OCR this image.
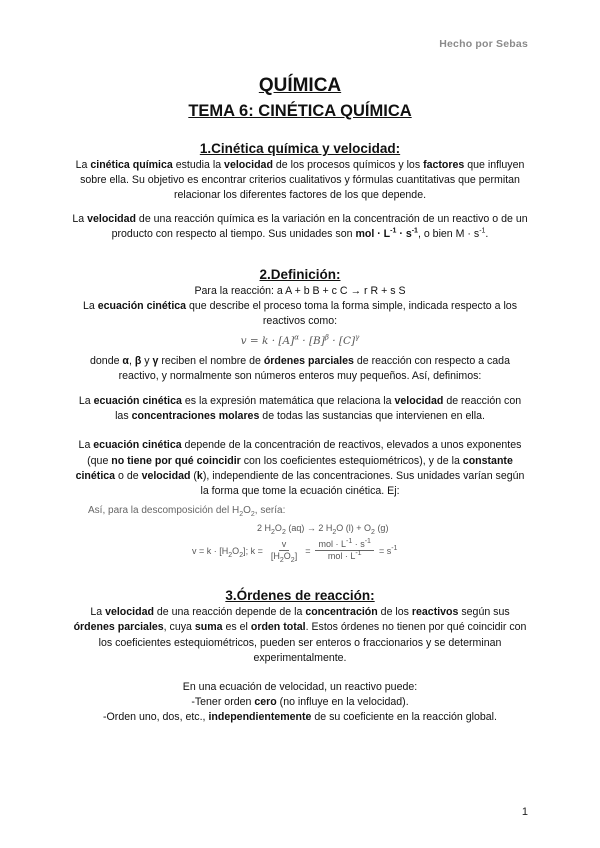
Hecho por Sebas
QUÍMICA
TEMA 6: CINÉTICA QUÍMICA
1.Cinética química y velocidad:

La cinética química estudia la velocidad de los procesos químicos y los factores que influyen sobre ella. Su objetivo es encontrar criterios cualitativos y fórmulas cuantitativas que permitan relacionar los diferentes factores de los que depende.

La velocidad de una reacción química es la variación en la concentración de un reactivo o de un producto con respecto al tiempo. Sus unidades son mol · $L^{-1} \cdot s^{-1}$, o bien $M \cdot s^{-1}$.

2.Definición:

Para la reacción: a A + b B + c C → r R + s S

La ecuación cinética que describe el proceso toma la forma simple, indicada respecto a los reactivos como:

$v = k \cdot [A]^\alpha \cdot [B]^\beta \cdot [C]^\gamma$

donde α, β y γ reciben el nombre de órdenes parciales de reacción con respecto a cada reactivo, y normalmente son números enteros muy pequeños. Así, definimos:

La ecuación cinética es la expresión matemática que relaciona la velocidad de reacción con las concentraciones molares de todas las sustancias que intervienen en ella.

La ecuación cinética depende de la concentración de reactivos, elevados a unos exponentes (que no tiene por qué coincidir con los coeficientes estequiométricos), y de la constante cinética o de velocidad (k), independiente de las concentraciones. Sus unidades varían según la forma que tome la ecuación cinética. Ej:

Así, para la descomposición del $H_2O_2$, sería:
2 $H_2O_2$ (aq) → 2 $H_2O$ $(l) + O_2$ (g)
$v = k \cdot [H_2O_2]$; $k = \frac{v}{[H_2O_2]} = \frac{mol \cdot L^{-1} \cdot s^{-1}}{mol \cdot L^{-1}} = s^{-1}$
3.Órdenes de reacción:

La velocidad de una reacción depende de la concentración de los reactivos según sus órdenes parciales, cuya suma es el orden total. Estos órdenes no tienen por qué coincidir con los coeficientes estequiométricos, pueden ser enteros o fraccionarios y se determinan experimentalmente.

En una ecuación de velocidad, un reactivo puede:

-Tener orden cero (no influye en la velocidad).

-Orden uno, dos, etc., independientemente de su coeficiente en la reacción global.

1
